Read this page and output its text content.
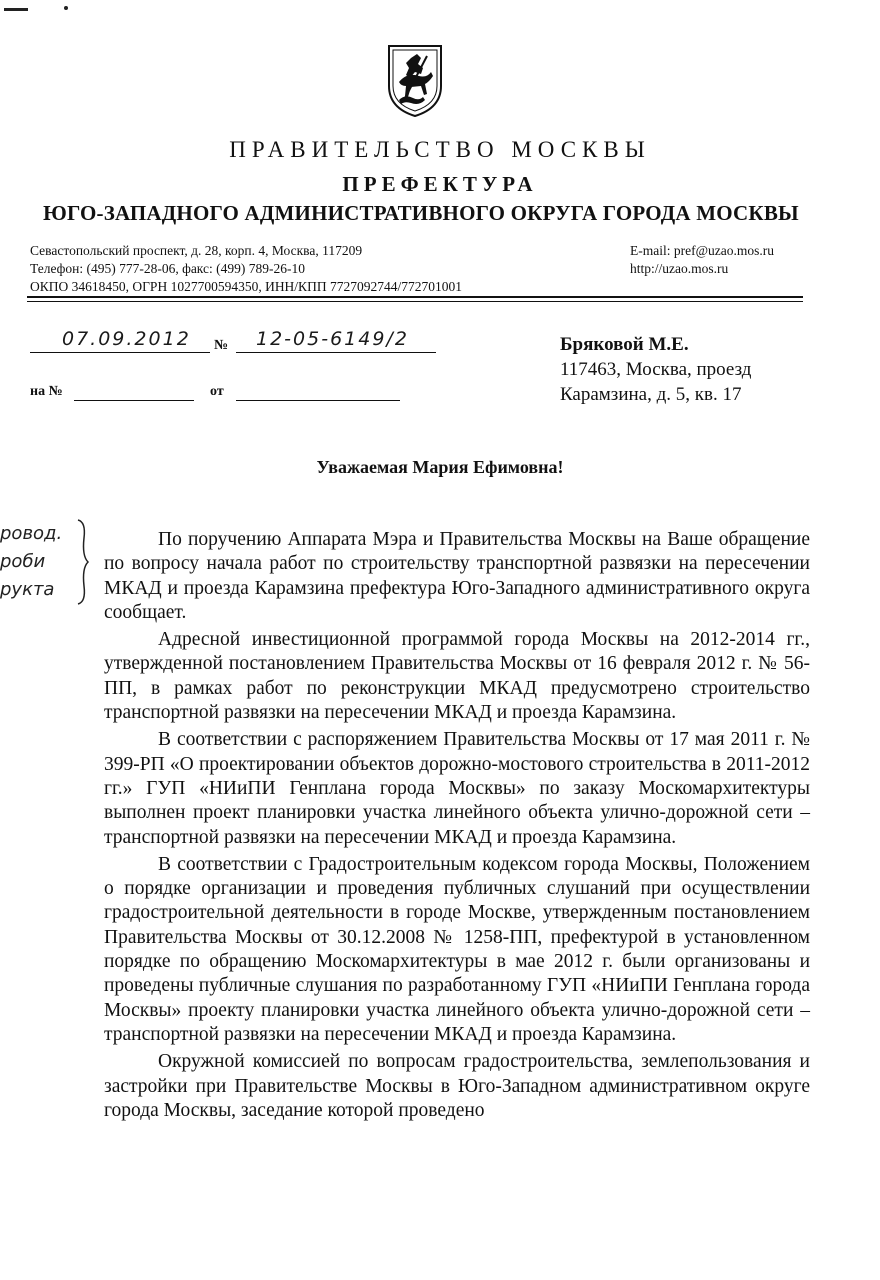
ПРАВИТЕЛЬСТВО МОСКВЫ
ПРЕФЕКТУРА
ЮГО-ЗАПАДНОГО АДМИНИСТРАТИВНОГО ОКРУГА ГОРОДА МОСКВЫ
Севастопольский проспект, д. 28, корп. 4, Москва, 117209
Телефон: (495) 777-28-06, факс: (499) 789-26-10
ОКПО 34618450, ОГРН 1027700594350, ИНН/КПП 7727092744/772701001
E-mail: pref@uzao.mos.ru
http://uzao.mos.ru
07.09.2012 № 12-05-6149/2
на №	от
Бряковой М.Е.
117463, Москва, проезд
Карамзина, д. 5, кв. 17
Уважаемая Мария Ефимовна!
ровод.
роби
рукта

По поручению Аппарата Мэра и Правительства Москвы на Ваше обращение по вопросу начала работ по строительству транспортной развязки на пересечении МКАД и проезда Карамзина префектура Юго-Западного административного округа сообщает.

Адресной инвестиционной программой города Москвы на 2012-2014 гг., утвержденной постановлением Правительства Москвы от 16 февраля 2012 г. № 56-ПП, в рамках работ по реконструкции МКАД предусмотрено строительство транспортной развязки на пересечении МКАД и проезда Карамзина.

В соответствии с распоряжением Правительства Москвы от 17 мая 2011 г. № 399-РП «О проектировании объектов дорожно-мостового строительства в 2011-2012 гг.» ГУП «НИиПИ Генплана города Москвы» по заказу Москомархитектуры выполнен проект планировки участка линейного объекта улично-дорожной сети – транспортной развязки на пересечении МКАД и проезда Карамзина.

В соответствии с Градостроительным кодексом города Москвы, Положением о порядке организации и проведения публичных слушаний при осуществлении градостроительной деятельности в городе Москве, утвержденным постановлением Правительства Москвы от 30.12.2008 № 1258-ПП, префектурой в установленном порядке по обращению Москомархитектуры в мае 2012 г. были организованы и проведены публичные слушания по разработанному ГУП «НИиПИ Генплана города Москвы» проекту планировки участка линейного объекта улично-дорожной сети – транспортной развязки на пересечении МКАД и проезда Карамзина.

Окружной комиссией по вопросам градостроительства, землепользования и застройки при Правительстве Москвы в Юго-Западном административном округе города Москвы, заседание которой проведено
